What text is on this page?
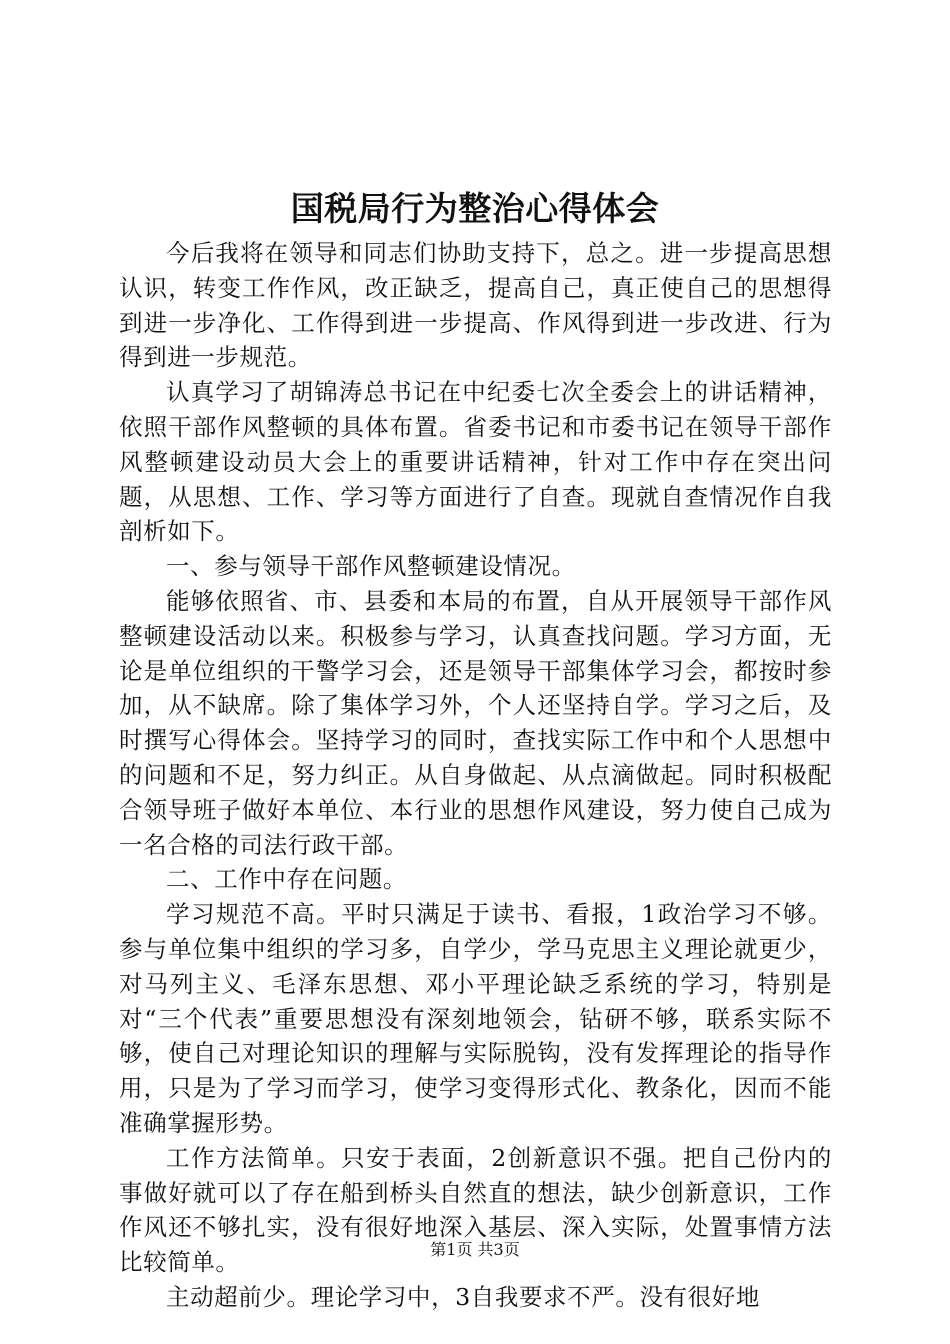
国税局行为整治心得体会

今后我将在领导和同志们协助支持下，总之。进一步提高思想认识，转变工作作风，改正缺乏，提高自己，真正使自己的思想得到进一步净化、工作得到进一步提高、作风得到进一步改进、行为得到进一步规范。

认真学习了胡锦涛总书记在中纪委七次全委会上的讲话精神，依照干部作风整顿的具体布置。省委书记和市委书记在领导干部作风整顿建设动员大会上的重要讲话精神，针对工作中存在突出问题，从思想、工作、学习等方面进行了自查。现就自查情况作自我剖析如下。

一、参与领导干部作风整顿建设情况。

能够依照省、市、县委和本局的布置，自从开展领导干部作风整顿建设活动以来。积极参与学习，认真查找问题。学习方面，无论是单位组织的干警学习会，还是领导干部集体学习会，都按时参加，从不缺席。除了集体学习外，个人还坚持自学。学习之后，及时撰写心得体会。坚持学习的同时，查找实际工作中和个人思想中的问题和不足，努力纠正。从自身做起、从点滴做起。同时积极配合领导班子做好本单位、本行业的思想作风建设，努力使自己成为一名合格的司法行政干部。

二、工作中存在问题。

学习规范不高。平时只满足于读书、看报，1政治学习不够。参与单位集中组织的学习多，自学少，学马克思主义理论就更少，对马列主义、毛泽东思想、邓小平理论缺乏系统的学习，特别是对“三个代表”重要思想没有深刻地领会，钻研不够，联系实际不够，使自己对理论知识的理解与实际脱钩，没有发挥理论的指导作用，只是为了学习而学习，使学习变得形式化、教条化，因而不能准确掌握形势。

工作方法简单。只安于表面，2创新意识不强。把自己份内的事做好就可以了存在船到桥头自然直的想法，缺少创新意识，工作作风还不够扎实，没有很好地深入基层、深入实际，处置事情方法比较简单。

主动超前少。理论学习中，3自我要求不严。没有很好地

第1页 共3页
